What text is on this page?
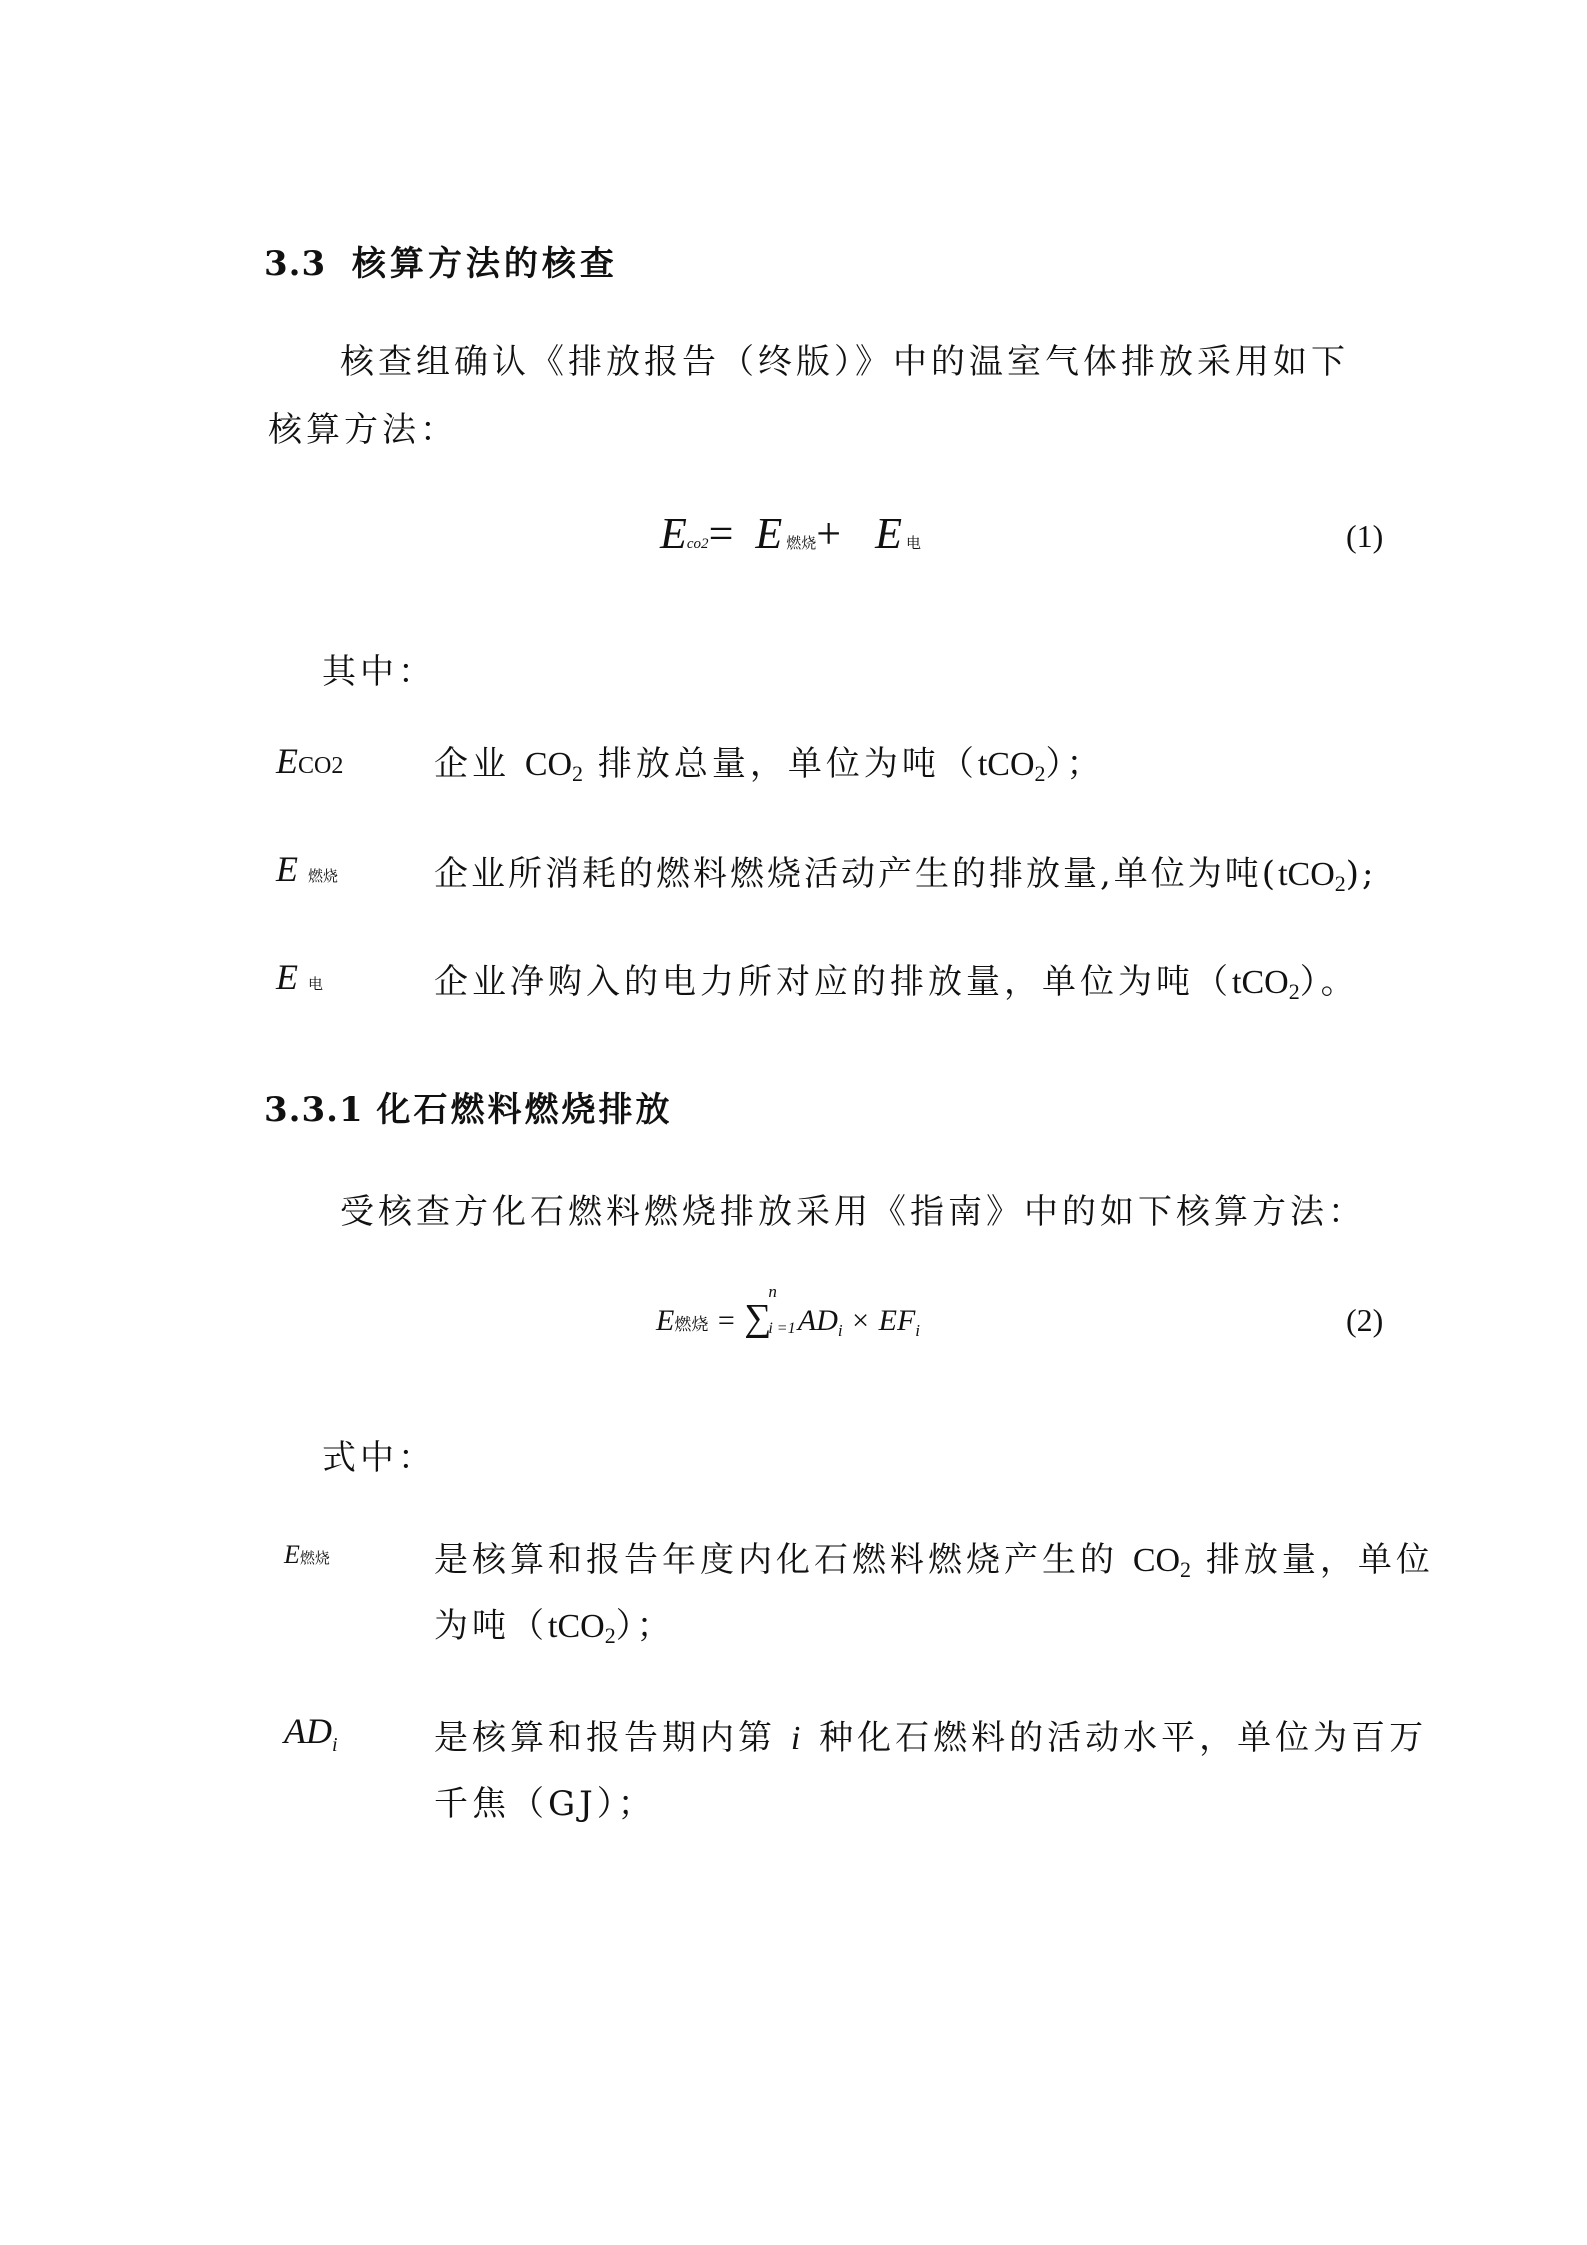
3.3 核算方法的核查
核查组确认《排放报告（终版）》中的温室气体排放采用如下
核算方法：
Eco2= E 燃烧+ E 电	(1)
其中：
ECO2	企业 $CO_2$ 排放总量，单位为吨（tCO$_2$）；
E燃烧	企业所消耗的燃料燃烧活动产生的排放量,单位为吨(tCO$_2$);
E电	企业净购入的电力所对应的排放量，单位为吨（tCO$_2$）。
3.3.1 化石燃料燃烧排放
受核查方化石燃料燃烧排放采用《指南》中的如下核算方法：
E燃烧 = ∑
n
i =1 $AD_i \times EF_i$	(2)
式中：
E燃烧	是核算和报告年度内化石燃料燃烧产生的 $CO_2$ 排放量，单位
为吨（tCO$_2$）；
ADi	是核算和报告期内第 i 种化石燃料的活动水平，单位为百万
千焦（GJ）；
